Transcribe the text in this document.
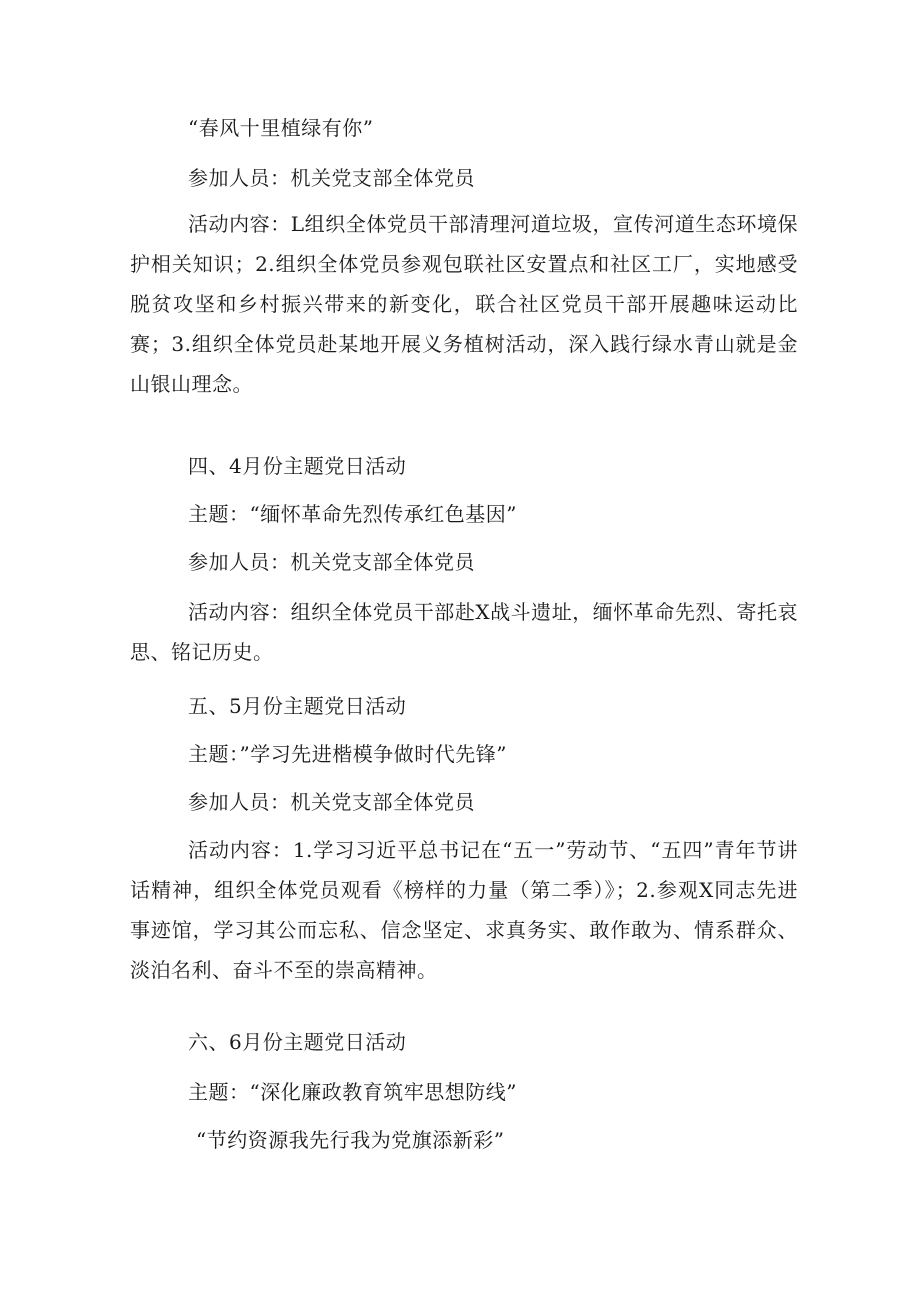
“春风十里植绿有你”

参加人员：机关党支部全体党员

活动内容：L组织全体党员干部清理河道垃圾，宣传河道生态环境保护相关知识；2.组织全体党员参观包联社区安置点和社区工厂，实地感受脱贫攻坚和乡村振兴带来的新变化，联合社区党员干部开展趣味运动比赛；3.组织全体党员赴某地开展义务植树活动，深入践行绿水青山就是金山银山理念。

四、4月份主题党日活动

主题：“缅怀革命先烈传承红色基因”

参加人员：机关党支部全体党员

活动内容：组织全体党员干部赴X战斗遗址，缅怀革命先烈、寄托哀思、铭记历史。

五、5月份主题党日活动

主题：”学习先进楷模争做时代先锋”

参加人员：机关党支部全体党员

活动内容：1.学习习近平总书记在“五一”劳动节、“五四”青年节讲话精神，组织全体党员观看《榜样的力量（第二季）》；2.参观X同志先进事迹馆，学习其公而忘私、信念坚定、求真务实、敢作敢为、情系群众、淡泊名利、奋斗不至的崇高精神。

六、6月份主题党日活动

主题：“深化廉政教育筑牢思想防线”

“节约资源我先行我为党旗添新彩”
